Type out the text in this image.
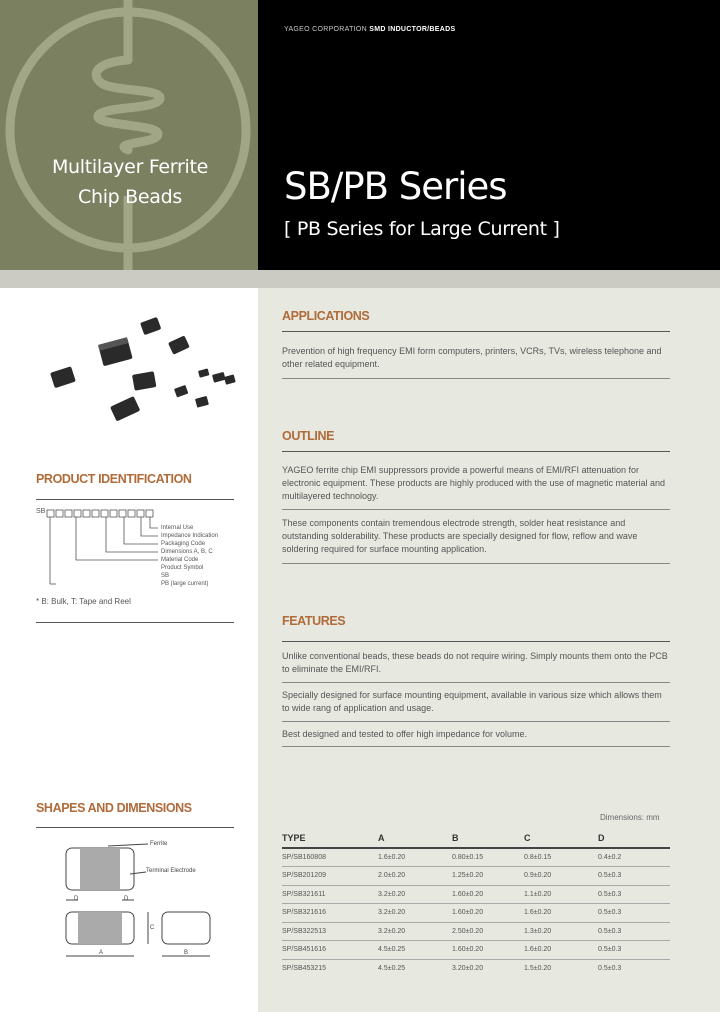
Multilayer Ferrite
Chip Beads
YAGEO CORPORATION SMD INDUCTOR/BEADS
SB/PB Series
[ PB Series for Large Current ]
APPLICATIONS
Prevention of high frequency EMI form computers, printers, VCRs, TVs, wireless telephone and other related equipment.
OUTLINE
YAGEO ferrite chip EMI suppressors provide a powerful means of EMI/RFI attenuation for electronic equipment. These products are highly produced with the use of magnetic material and multilayered technology.
These components contain tremendous electrode strength, solder heat resistance and outstanding solderability. These products are specially designed for flow, reflow and wave soldering required for surface mounting application.
FEATURES
Unlike conventional beads, these beads do not require wiring. Simply mounts them onto the PCB to eliminate the EMI/RFI.
Specially designed for surface mounting equipment, available in various size which allows them to wide rang of application and usage.
Best designed and tested to offer high impedance for volume.
PRODUCT IDENTIFICATION
SB
Internal Use
Impedance Indication
Packaging Code
Dimensions A, B, C
Material Code
Product Symbol
SB
PB (large current)
* B: Bulk, T: Tape and Reel
SHAPES AND DIMENSIONS
Ferrite
Terminal Electrode
D	D
C
A	B
Dimensions: mm
TYPE	A	B	C	D
SP/SB160808	1.6±0.20	0.80±0.15	0.8±0.15	0.4±0.2
SP/SB201209	2.0±0.20	1.25±0.20	0.9±0.20	0.5±0.3
SP/SB321611	3.2±0.20	1.60±0.20	1.1±0.20	0.5±0.3
SP/SB321616	3.2±0.20	1.60±0.20	1.6±0.20	0.5±0.3
SP/SB322513	3.2±0.20	2.50±0.20	1.3±0.20	0.5±0.3
SP/SB451616	4.5±0.25	1.60±0.20	1.6±0.20	0.5±0.3
SP/SB453215	4.5±0.25	3.20±0.20	1.5±0.20	0.5±0.3
